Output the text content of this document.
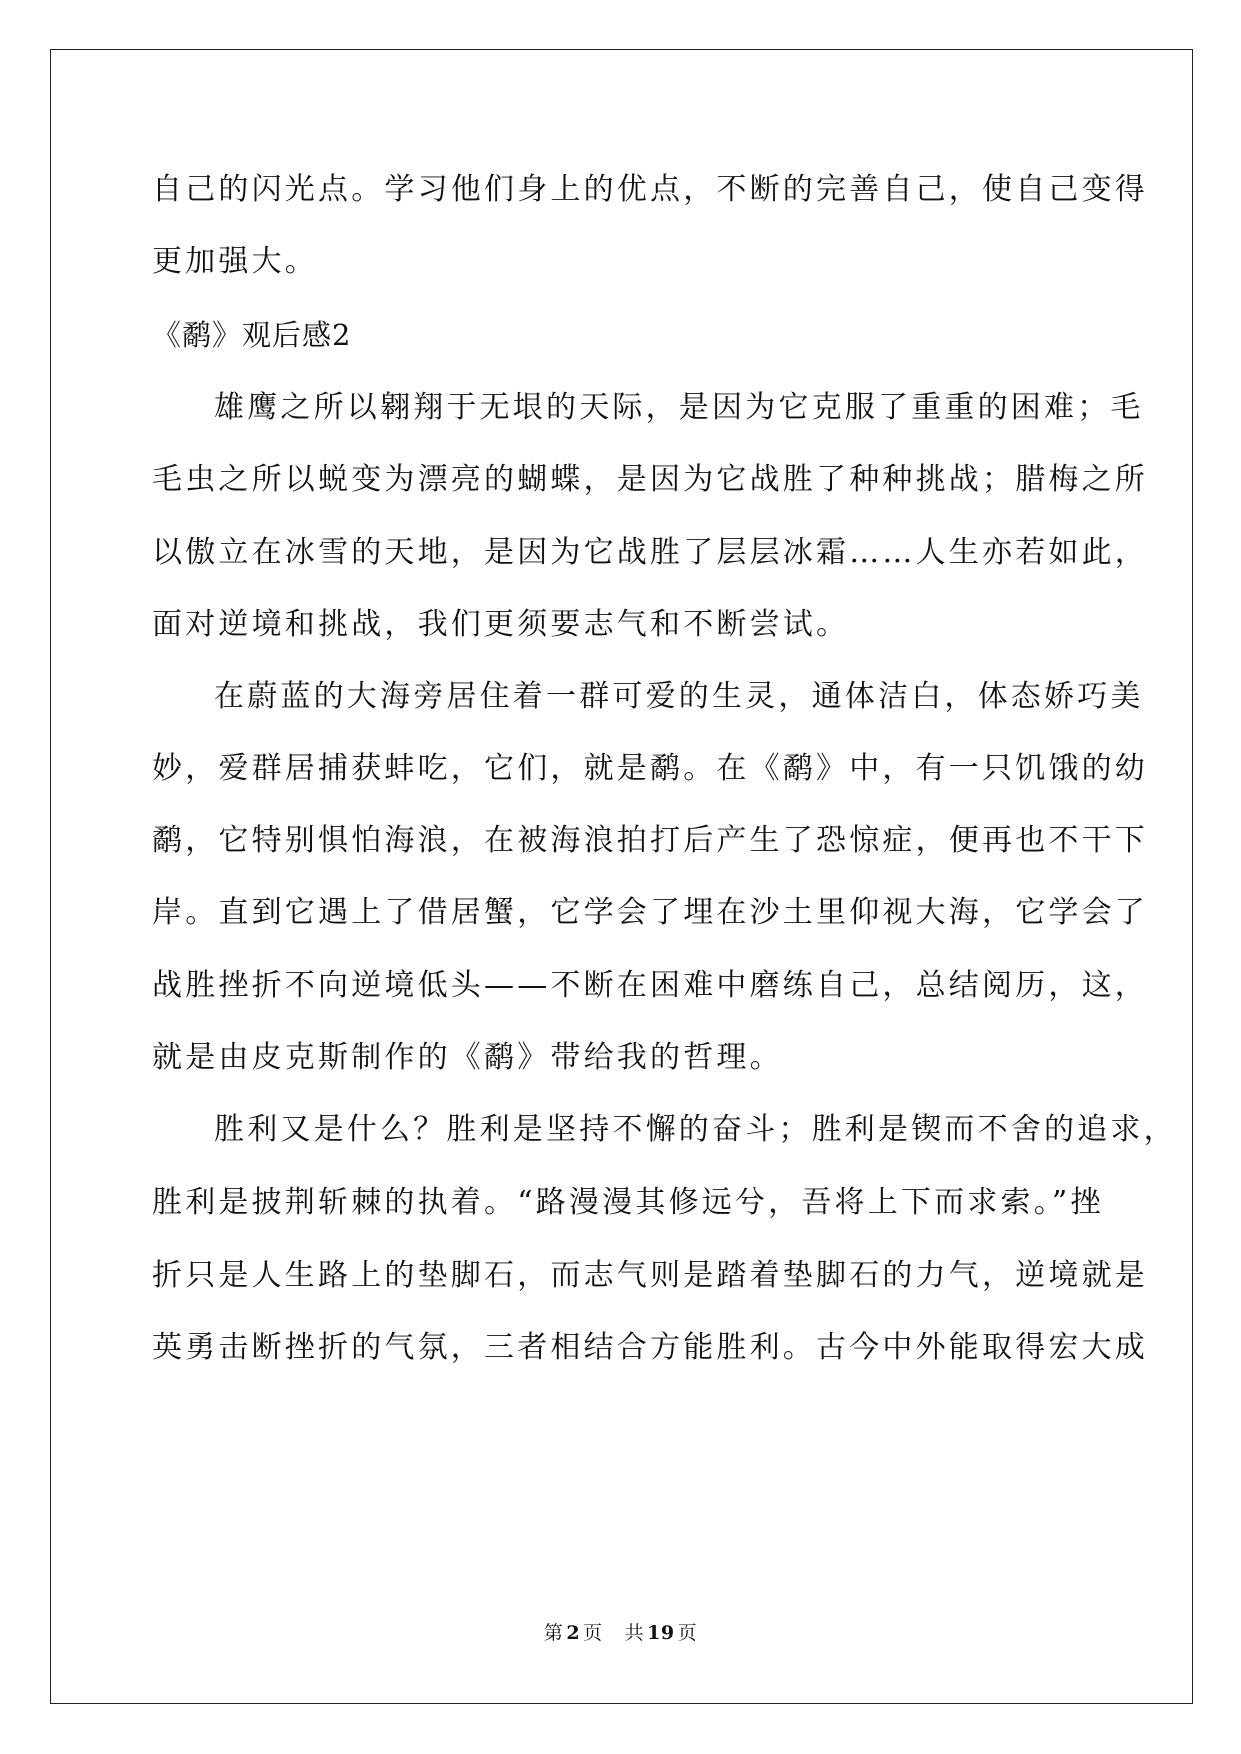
自己的闪光点。学习他们身上的优点，不断的完善自己，使自己变得
更加强大。
《鹬》观后感2
雄鹰之所以翱翔于无垠的天际，是因为它克服了重重的困难；毛
毛虫之所以蜕变为漂亮的蝴蝶，是因为它战胜了种种挑战；腊梅之所
以傲立在冰雪的天地，是因为它战胜了层层冰霜……人生亦若如此，
面对逆境和挑战，我们更须要志气和不断尝试。
在蔚蓝的大海旁居住着一群可爱的生灵，通体洁白，体态娇巧美
妙，爱群居捕获蚌吃，它们，就是鹬。在《鹬》中，有一只饥饿的幼
鹬，它特别惧怕海浪，在被海浪拍打后产生了恐惊症，便再也不干下
岸。直到它遇上了借居蟹，它学会了埋在沙土里仰视大海，它学会了
战胜挫折不向逆境低头——不断在困难中磨练自己，总结阅历，这，
就是由皮克斯制作的《鹬》带给我的哲理。
胜利又是什么？胜利是坚持不懈的奋斗；胜利是锲而不舍的追求，
胜利是披荆斩棘的执着。“路漫漫其修远兮，吾将上下而求索。”挫
折只是人生路上的垫脚石，而志气则是踏着垫脚石的力气，逆境就是
英勇击断挫折的气氛，三者相结合方能胜利。古今中外能取得宏大成
第 2 页 共 19 页
